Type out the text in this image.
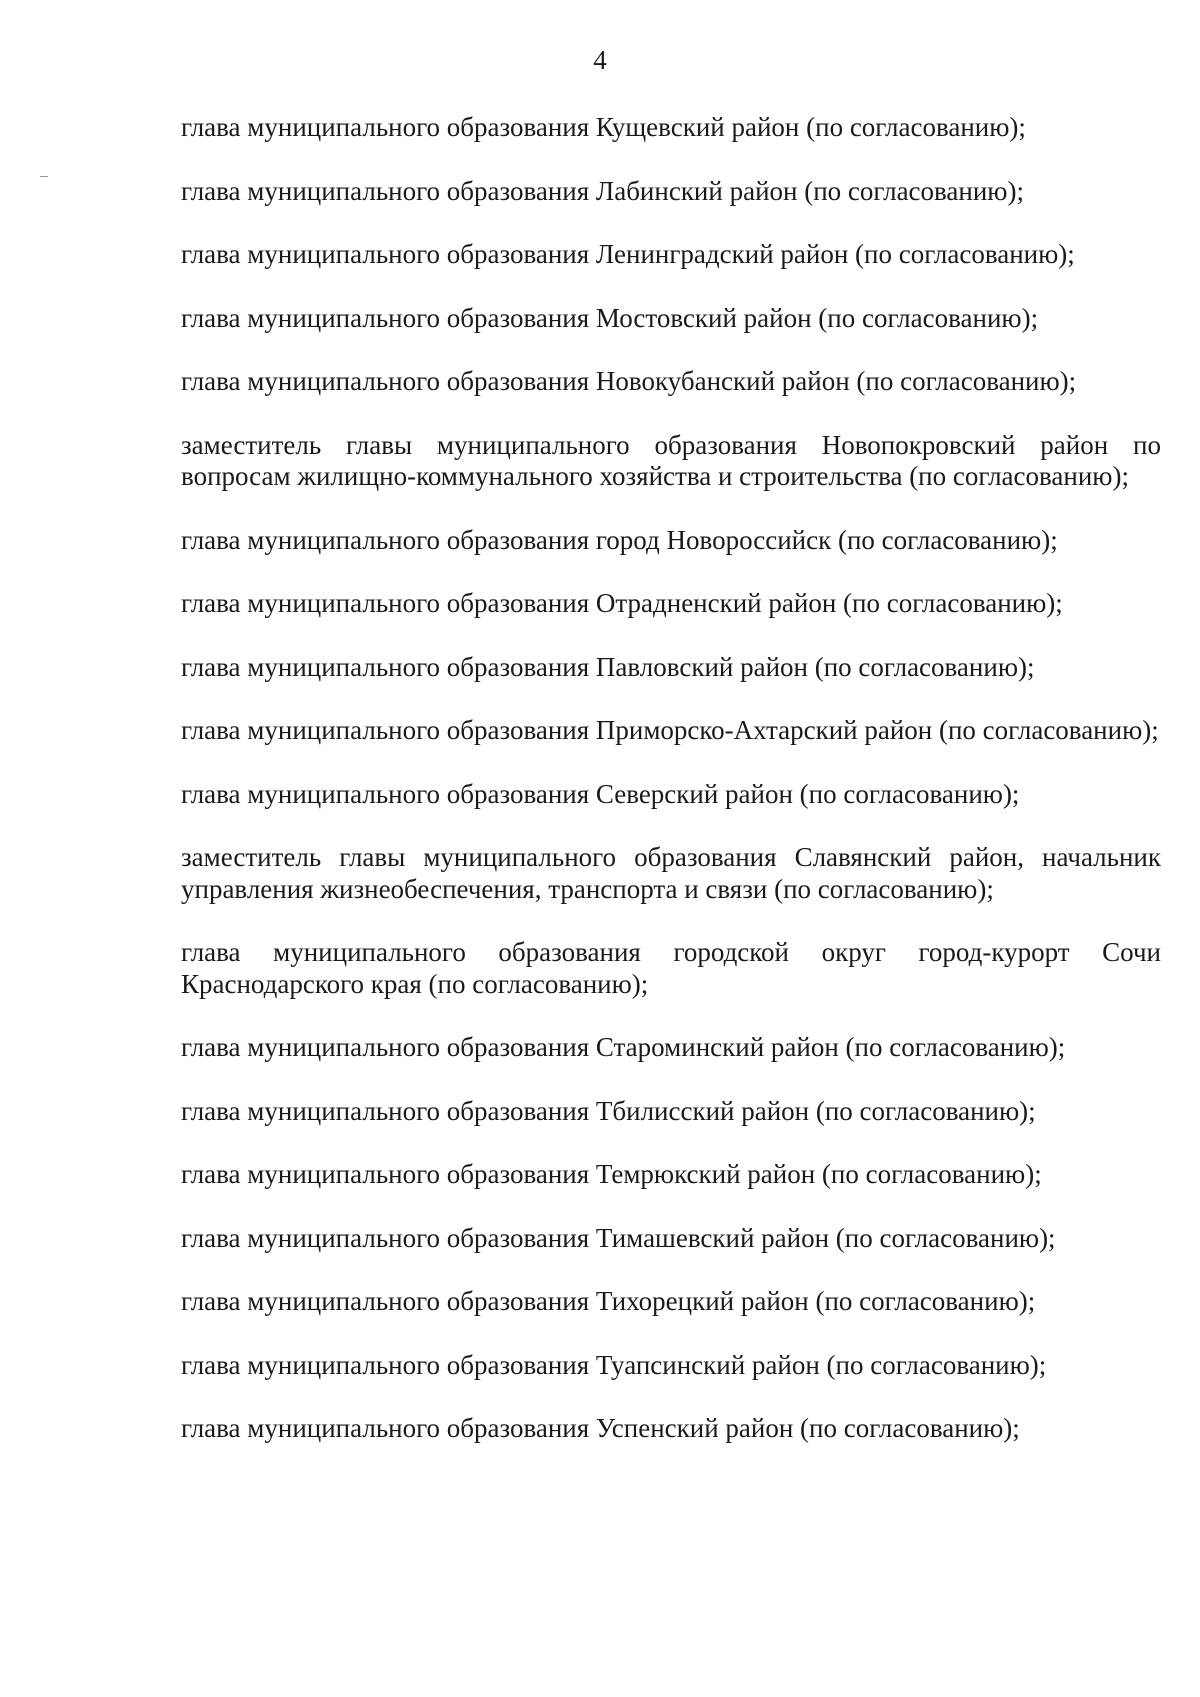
4

глава муниципального образования Кущевский район (по согласованию);

глава муниципального образования Лабинский район (по согласованию);

глава муниципального образования Ленинградский район (по согласованию);

глава муниципального образования Мостовский район (по согласованию);

глава муниципального образования Новокубанский район (по согласованию);

заместитель главы муниципального образования Новопокровский район по вопросам жилищно-коммунального хозяйства и строительства (по согласованию);

глава муниципального образования город Новороссийск (по согласованию);

глава муниципального образования Отрадненский район (по согласованию);

глава муниципального образования Павловский район (по согласованию);

глава муниципального образования Приморско-Ахтарский район (по согласованию);

глава муниципального образования Северский район (по согласованию);

заместитель главы муниципального образования Славянский район, начальник управления жизнеобеспечения, транспорта и связи (по согласованию);

глава муниципального образования городской округ город-курорт Сочи Краснодарского края (по согласованию);

глава муниципального образования Староминский район (по согласованию);

глава муниципального образования Тбилисский район (по согласованию);

глава муниципального образования Темрюкский район (по согласованию);

глава муниципального образования Тимашевский район (по согласованию);

глава муниципального образования Тихорецкий район (по согласованию);

глава муниципального образования Туапсинский район (по согласованию);

глава муниципального образования Успенский район (по согласованию);
